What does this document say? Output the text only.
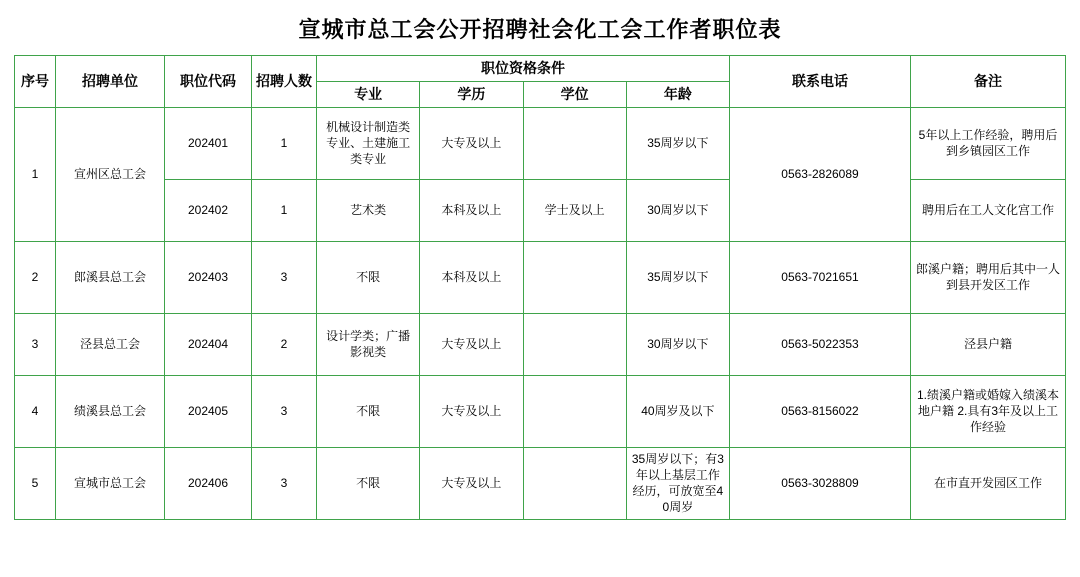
宣城市总工会公开招聘社会化工会工作者职位表
序号	招聘单位	职位代码	招聘人数	职位资格条件				联系电话	备注
				专业	学历	学位	年龄		
1	宣州区总工会	202401	1	机械设计制造类专业、土建施工类专业	大专及以上		35周岁以下	0563-2826089	5年以上工作经验，聘用后到乡镇园区工作
		202402	1	艺术类	本科及以上	学士及以上	30周岁以下		聘用后在工人文化宫工作
2	郎溪县总工会	202403	3	不限	本科及以上		35周岁以下	0563-7021651	郎溪户籍；聘用后其中一人到县开发区工作
3	泾县总工会	202404	2	设计学类；广播影视类	大专及以上		30周岁以下	0563-5022353	泾县户籍
4	绩溪县总工会	202405	3	不限	大专及以上		40周岁及以下	0563-8156022	1.绩溪户籍或婚嫁入绩溪本地户籍 2.具有3年及以上工作经验
5	宣城市总工会	202406	3	不限	大专及以上		35周岁以下；有3年以上基层工作经历，可放宽至40周岁	0563-3028809	在市直开发园区工作
